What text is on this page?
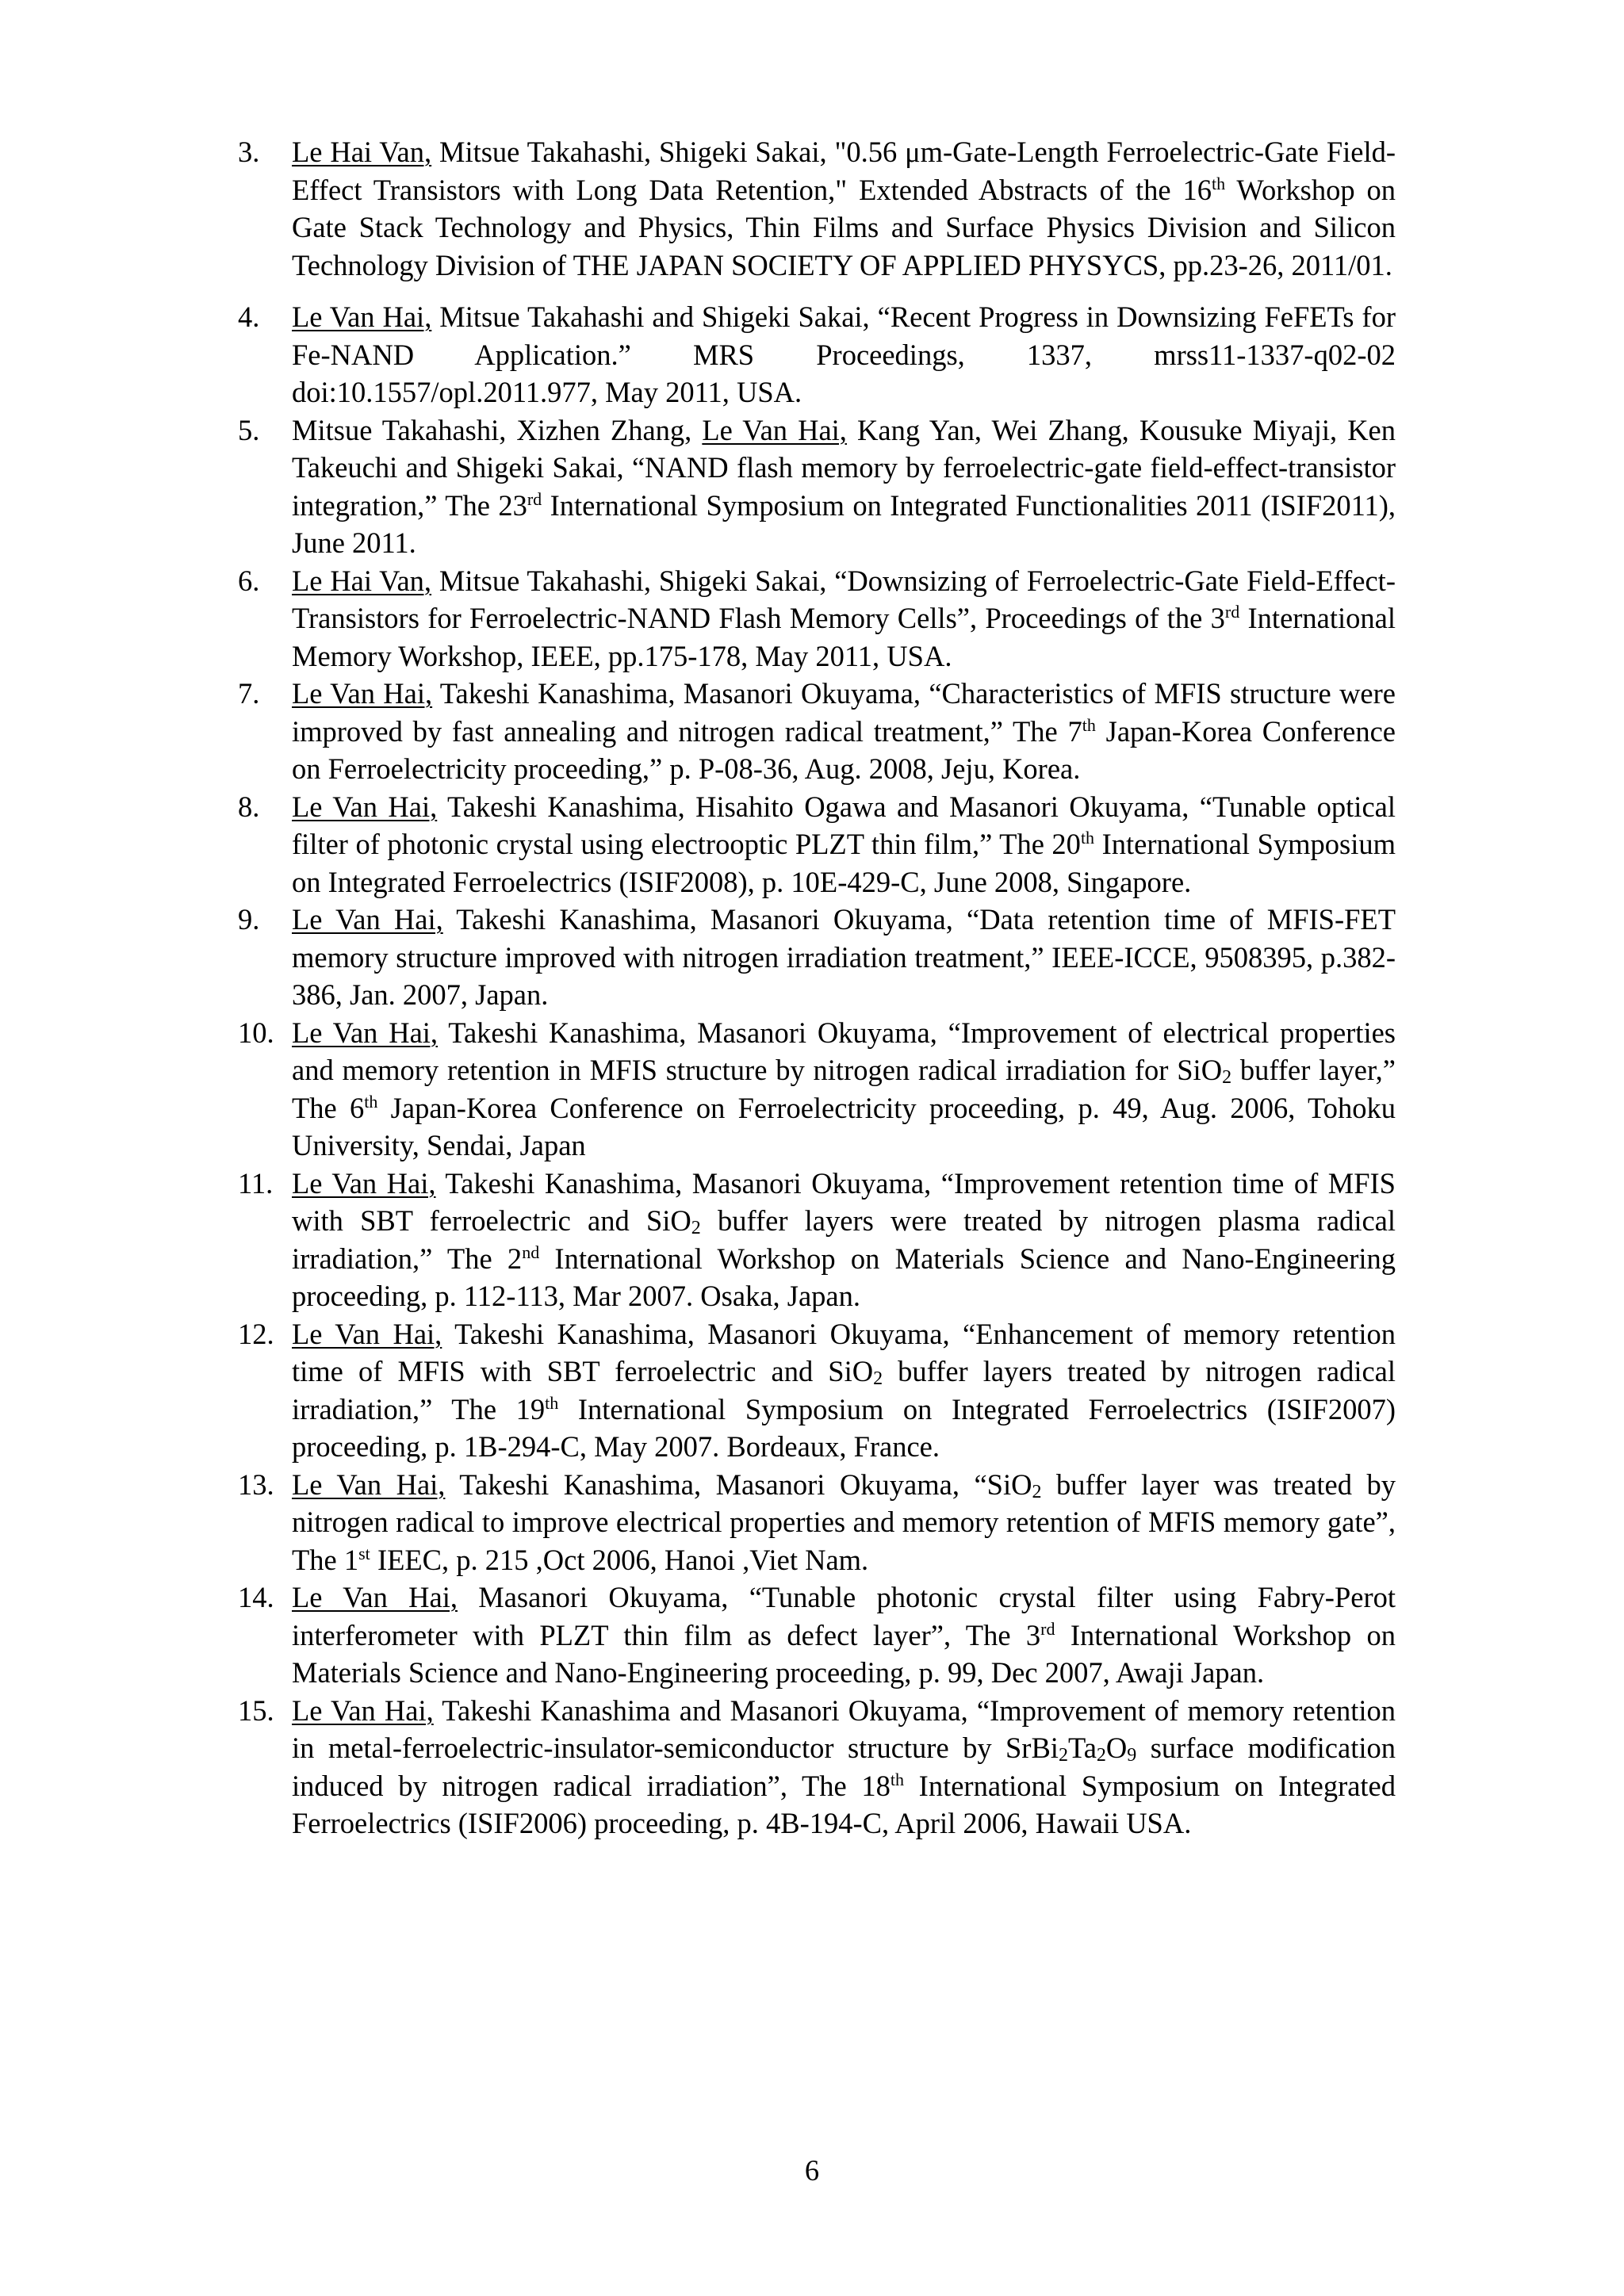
3. Le Hai Van, Mitsue Takahashi, Shigeki Sakai, "0.56 μm-Gate-Length Ferroelectric-Gate Field-Effect Transistors with Long Data Retention," Extended Abstracts of the 16th Workshop on Gate Stack Technology and Physics, Thin Films and Surface Physics Division and Silicon Technology Division of THE JAPAN SOCIETY OF APPLIED PHYSYCS, pp.23-26, 2011/01.
4. Le Van Hai, Mitsue Takahashi and Shigeki Sakai, “Recent Progress in Downsizing FeFETs for Fe-NAND Application.” MRS Proceedings, 1337, mrss11-1337-q02-02 doi:10.1557/opl.2011.977, May 2011, USA.
5. Mitsue Takahashi, Xizhen Zhang, Le Van Hai, Kang Yan, Wei Zhang, Kousuke Miyaji, Ken Takeuchi and Shigeki Sakai, “NAND flash memory by ferroelectric-gate field-effect-transistor integration,” The 23rd International Symposium on Integrated Functionalities 2011 (ISIF2011), June 2011.
6. Le Hai Van, Mitsue Takahashi, Shigeki Sakai, “Downsizing of Ferroelectric-Gate Field-Effect-Transistors for Ferroelectric-NAND Flash Memory Cells”, Proceedings of the 3rd International Memory Workshop, IEEE, pp.175-178, May 2011, USA.
7. Le Van Hai, Takeshi Kanashima, Masanori Okuyama, “Characteristics of MFIS structure were improved by fast annealing and nitrogen radical treatment,” The 7th Japan-Korea Conference on Ferroelectricity proceeding,” p. P-08-36, Aug. 2008, Jeju, Korea.
8. Le Van Hai, Takeshi Kanashima, Hisahito Ogawa and Masanori Okuyama, “Tunable optical filter of photonic crystal using electrooptic PLZT thin film,” The 20th International Symposium on Integrated Ferroelectrics (ISIF2008), p. 10E-429-C, June 2008, Singapore.
9. Le Van Hai, Takeshi Kanashima, Masanori Okuyama, “Data retention time of MFIS-FET memory structure improved with nitrogen irradiation treatment,” IEEE-ICCE, 9508395, p.382-386, Jan. 2007, Japan.
10. Le Van Hai, Takeshi Kanashima, Masanori Okuyama, “Improvement of electrical properties and memory retention in MFIS structure by nitrogen radical irradiation for SiO$_2$ buffer layer,” The 6th Japan-Korea Conference on Ferroelectricity proceeding, p. 49, Aug. 2006, Tohoku University, Sendai, Japan
11. Le Van Hai, Takeshi Kanashima, Masanori Okuyama, “Improvement retention time of MFIS with SBT ferroelectric and SiO$_2$ buffer layers were treated by nitrogen plasma radical irradiation,” The 2nd International Workshop on Materials Science and Nano-Engineering proceeding, p. 112-113, Mar 2007. Osaka, Japan.
12. Le Van Hai, Takeshi Kanashima, Masanori Okuyama, “Enhancement of memory retention time of MFIS with SBT ferroelectric and SiO$_2$ buffer layers treated by nitrogen radical irradiation,” The 19th International Symposium on Integrated Ferroelectrics (ISIF2007) proceeding, p. 1B-294-C, May 2007. Bordeaux, France.
13. Le Van Hai, Takeshi Kanashima, Masanori Okuyama, “SiO$_2$ buffer layer was treated by nitrogen radical to improve electrical properties and memory retention of MFIS memory gate”, The 1st IEEC, p. 215 ,Oct 2006, Hanoi ,Viet Nam.
14. Le Van Hai, Masanori Okuyama, “Tunable photonic crystal filter using Fabry-Perot interferometer with PLZT thin film as defect layer”, The 3rd International Workshop on Materials Science and Nano-Engineering proceeding, p. 99, Dec 2007, Awaji Japan.
15. Le Van Hai, Takeshi Kanashima and Masanori Okuyama, “Improvement of memory retention in metal-ferroelectric-insulator-semiconductor structure by $SrBi_2Ta_2O_9$ surface modification induced by nitrogen radical irradiation”, The 18th International Symposium on Integrated Ferroelectrics (ISIF2006) proceeding, p. 4B-194-C, April 2006, Hawaii USA.
6
